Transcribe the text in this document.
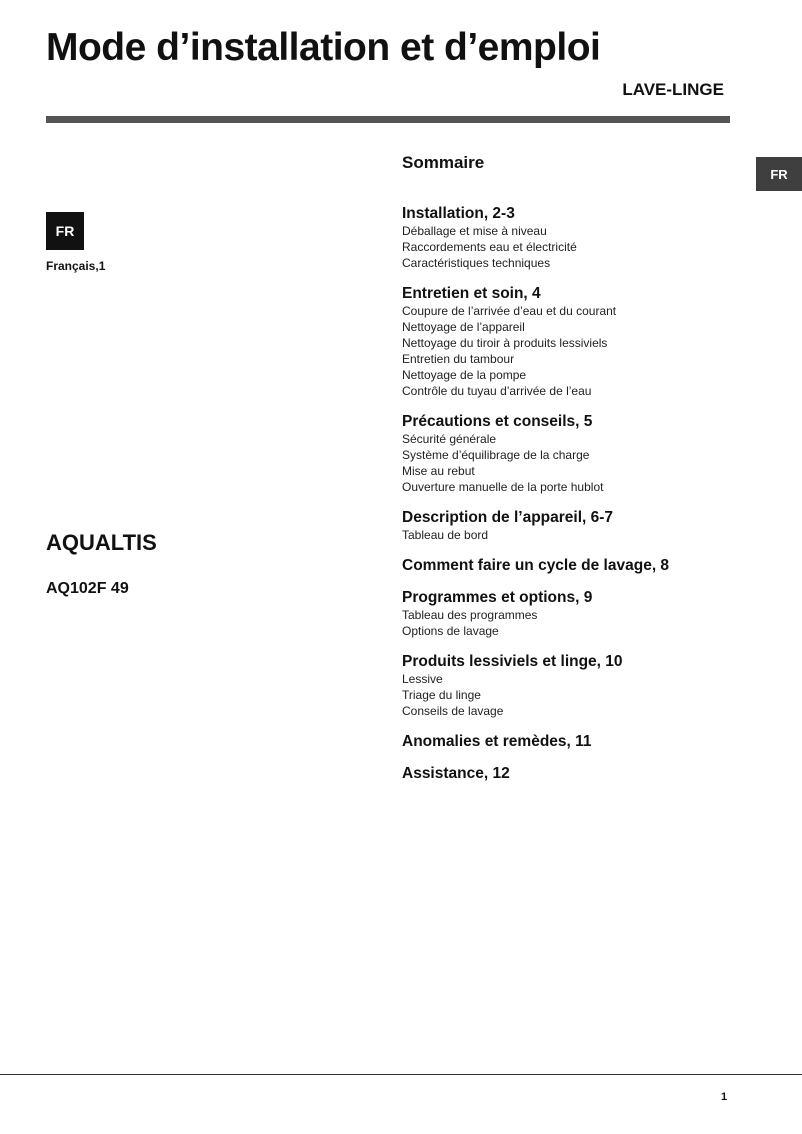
Mode d’installation et d’emploi
LAVE-LINGE
FR
FR
Français,1
AQUALTIS
AQ102F 49
Sommaire
Installation, 2-3
Déballage et mise à niveau
Raccordements eau et électricité
Caractéristiques techniques
Entretien et soin, 4
Coupure de l’arrivée d’eau et du courant
Nettoyage de l’appareil
Nettoyage du tiroir à produits lessiviels
Entretien du tambour
Nettoyage de la pompe
Contrôle du tuyau d’arrivée de l’eau
Précautions et conseils, 5
Sécurité générale
Système d’équilibrage de la charge
Mise au rebut
Ouverture manuelle de la porte hublot
Description de l’appareil, 6-7
Tableau de bord
Comment faire un cycle de lavage, 8
Programmes et options, 9
Tableau des programmes
Options de lavage
Produits lessiviels et linge, 10
Lessive
Triage du linge
Conseils de lavage
Anomalies et remèdes, 11
Assistance, 12
1
